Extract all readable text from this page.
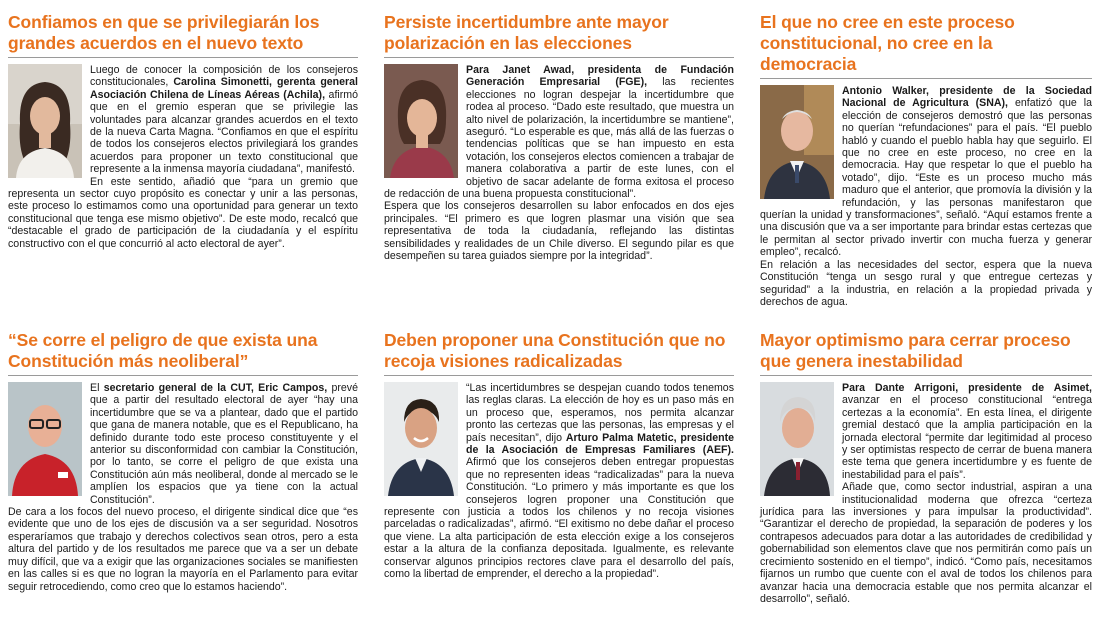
Confiamos en que se privilegiarán los grandes acuerdos en el nuevo texto

Luego de conocer la composición de los consejeros constitucionales, Carolina Simonetti, gerenta general Asociación Chilena de Líneas Aéreas (Achila), afirmó que en el gremio esperan que se privilegie las voluntades para alcanzar grandes acuerdos en el texto de la nueva Carta Magna. “Confiamos en que el espíritu de todos los consejeros electos privilegiará los grandes acuerdos para proponer un texto constitucional que represente a la inmensa mayoría ciudadana”, manifestó.

En este sentido, añadió que “para un gremio que representa un sector cuyo propósito es conectar y unir a las personas, este proceso lo estimamos como una oportunidad para generar un texto constitucional que tenga ese mismo objetivo”. De este modo, recalcó que “destacable el grado de participación de la ciudadanía y el espíritu constructivo con el que concurrió al acto electoral de ayer”.

Persiste incertidumbre ante mayor polarización en las elecciones

Para Janet Awad, presidenta de Fundación Generación Empresarial (FGE), las recientes elecciones no logran despejar la incertidumbre que rodea al proceso. “Dado este resultado, que muestra un alto nivel de polarización, la incertidumbre se mantiene”, aseguró. “Lo esperable es que, más allá de las fuerzas o tendencias políticas que se han impuesto en esta votación, los consejeros electos comiencen a trabajar de manera colaborativa a partir de este lunes, con el objetivo de sacar adelante de forma exitosa el proceso de redacción de una buena propuesta constitucional”.

Espera que los consejeros desarrollen su labor enfocados en dos ejes principales. “El primero es que logren plasmar una visión que sea representativa de toda la ciudadanía, reflejando las distintas sensibilidades y realidades de un Chile diverso. El segundo pilar es que desempeñen su tarea guiados siempre por la integridad”.

El que no cree en este proceso constitucional, no cree en la democracia

Antonio Walker, presidente de la Sociedad Nacional de Agricultura (SNA), enfatizó que la elección de consejeros demostró que las personas no querían “refundaciones” para el país. “El pueblo habló y cuando el pueblo habla hay que seguirlo. El que no cree en este proceso, no cree en la democracia. Hay que respetar lo que el pueblo ha votado”, dijo. “Este es un proceso mucho más maduro que el anterior, que promovía la división y la refundación, y las personas manifestaron que querían la unidad y transformaciones”, señaló. “Aquí estamos frente a una discusión que va a ser importante para brindar estas certezas que le permitan al sector privado invertir con mucha fuerza y generar empleo”, recalcó.

En relación a las necesidades del sector, espera que la nueva Constitución “tenga un sesgo rural y que entregue certezas y seguridad” a la industria, en relación a la propiedad privada y derechos de agua.

“Se corre el peligro de que exista una Constitución más neoliberal”

El secretario general de la CUT, Eric Campos, prevé que a partir del resultado electoral de ayer “hay una incertidumbre que se va a plantear, dado que el partido que gana de manera notable, que es el Republicano, ha definido durante todo este proceso constituyente y el anterior su disconformidad con cambiar la Constitución, por lo tanto, se corre el peligro de que exista una Constitución aún más neoliberal, donde al mercado se le amplíen los espacios que ya tiene con la actual Constitución”.

De cara a los focos del nuevo proceso, el dirigente sindical dice que “es evidente que uno de los ejes de discusión va a ser seguridad. Nosotros esperaríamos que trabajo y derechos colectivos sean otros, pero a esta altura del partido y de los resultados me parece que va a ser un debate muy difícil, que va a exigir que las organizaciones sociales se manifiesten en las calles si es que no logran la mayoría en el Parlamento para evitar seguir retrocediendo, como creo que lo estamos haciendo”.

Deben proponer una Constitución que no recoja visiones radicalizadas

“Las incertidumbres se despejan cuando todos tenemos las reglas claras. La elección de hoy es un paso más en un proceso que, esperamos, nos permita alcanzar pronto las certezas que las personas, las empresas y el país necesitan”, dijo Arturo Palma Matetic, presidente de la Asociación de Empresas Familiares (AEF). Afirmó que los consejeros deben entregar propuestas que no representen ideas “radicalizadas” para la nueva Constitución. “Lo primero y más importante es que los consejeros logren proponer una Constitución que represente con justicia a todos los chilenos y no recoja visiones parceladas o radicalizadas”, afirmó. “El exitismo no debe dañar el proceso que viene. La alta participación de esta elección exige a los consejeros estar a la altura de la confianza depositada. Igualmente, es relevante conservar algunos principios rectores clave para el desarrollo del país, como la libertad de emprender, el derecho a la propiedad”.

Mayor optimismo para cerrar proceso que genera inestabilidad

Para Dante Arrigoni, presidente de Asimet, avanzar en el proceso constitucional “entrega certezas a la economía”. En esta línea, el dirigente gremial destacó que la amplia participación en la jornada electoral “permite dar legitimidad al proceso y ser optimistas respecto de cerrar de buena manera este tema que genera incertidumbre y es fuente de inestabilidad para el país”.

Añade que, como sector industrial, aspiran a una institucionalidad moderna que ofrezca “certeza jurídica para las inversiones y para impulsar la productividad”. “Garantizar el derecho de propiedad, la separación de poderes y los contrapesos adecuados para dotar a las autoridades de credibilidad y gobernabilidad son elementos clave que nos permitirán como país un crecimiento sostenido en el tiempo”, indicó. “Como país, necesitamos fijarnos un rumbo que cuente con el aval de todos los chilenos para avanzar hacia una democracia estable que nos permita alcanzar el desarrollo”, señaló.
